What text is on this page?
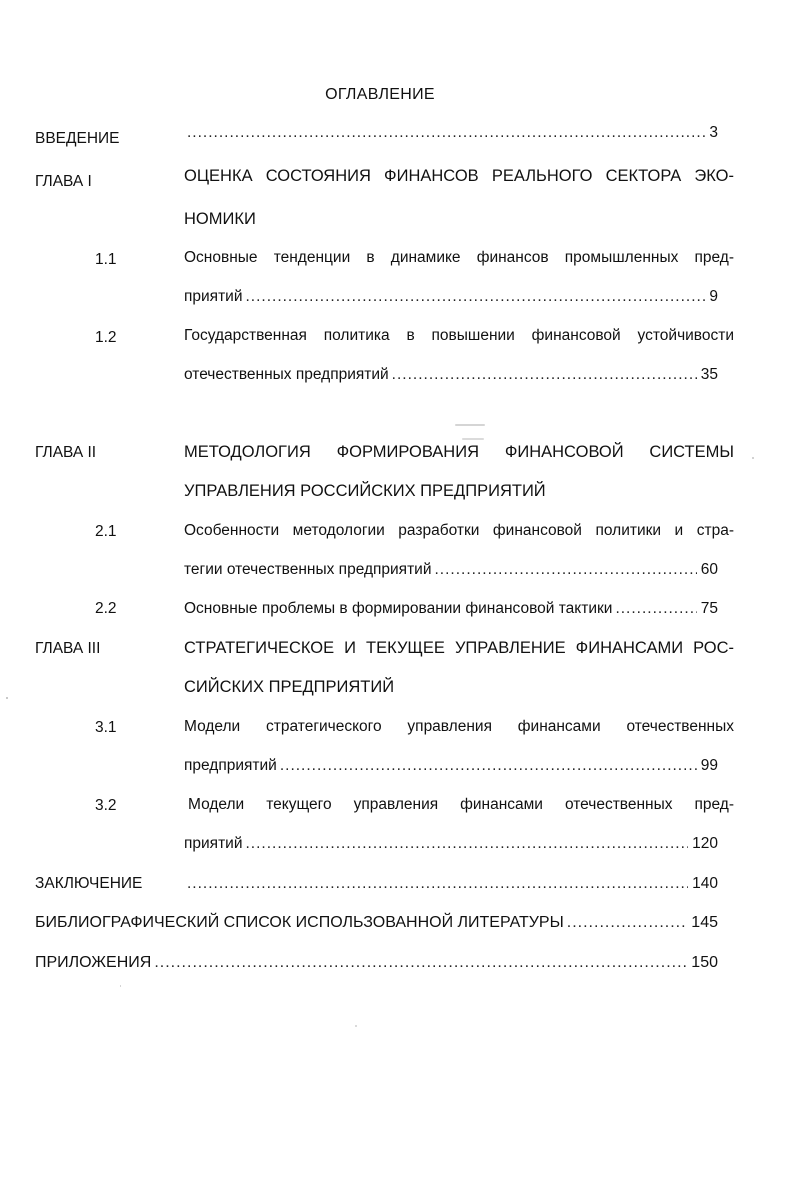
ОГЛАВЛЕНИЕ
ВВЕДЕНИЕ .....	3
ГЛАВА I	ОЦЕНКА СОСТОЯНИЯ ФИНАНСОВ РЕАЛЬНОГО СЕКТОРА ЭКО-
НОМИКИ
1.1	Основные тенденции в динамике финансов промышленных пред-
приятий .....	9
1.2	Государственная политика в повышении финансовой устойчивости
отечественных предприятий .....	35
ГЛАВА II	МЕТОДОЛОГИЯ ФОРМИРОВАНИЯ ФИНАНСОВОЙ СИСТЕМЫ
УПРАВЛЕНИЯ РОССИЙСКИХ ПРЕДПРИЯТИЙ
2.1	Особенности методологии разработки финансовой политики и стра-
тегии отечественных предприятий .....	60
2.2	Основные проблемы в формировании финансовой тактики .....	75
ГЛАВА III	СТРАТЕГИЧЕСКОЕ И ТЕКУЩЕЕ УПРАВЛЕНИЕ ФИНАНСАМИ РОС-
СИЙСКИХ ПРЕДПРИЯТИЙ
3.1	Модели стратегического управления финансами отечественных
предприятий .....	99
3.2	Модели текущего управления финансами отечественных пред-
приятий .....	120
ЗАКЛЮЧЕНИЕ .....	140
БИБЛИОГРАФИЧЕСКИЙ СПИСОК ИСПОЛЬЗОВАННОЙ ЛИТЕРАТУРЫ .....	145
ПРИЛОЖЕНИЯ .....	150
